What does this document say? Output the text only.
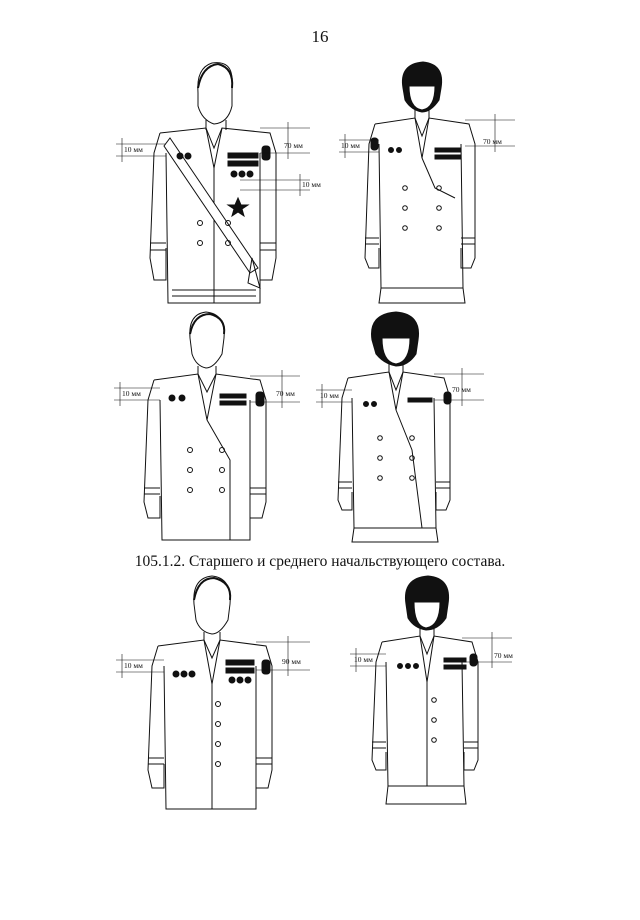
16
10 мм	70 мм
10 мм
10 мм	70 мм
10 мм	70 мм	10 мм
70 мм
105.1.2. Старшего и среднего начальствующего состава.
10 мм	90 мм	10 мм	70 мм
